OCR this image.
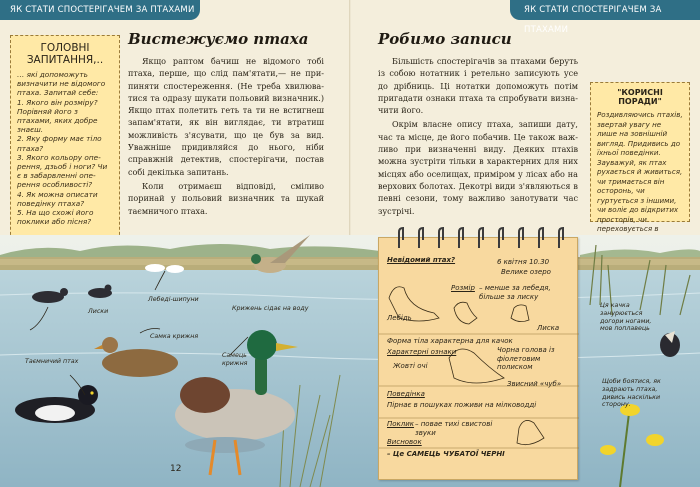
ЯК СТАТИ СПОСТЕРІГАЧЕМ ЗА ПТАХАМИ	ЯК СТАТИ СПОСТЕРІГАЧЕМ ЗА ПТАХАМИ
ГОЛОВНІ ЗАПИТАННЯ,..
… які допоможуть визначити не відомого птаха. Запитай себе:
1. Якого він розміру? Порівняй його з птахами, яких добре знаєш.
2. Яку форму має тіло птаха?
3. Якого кольору оперення, дзьоб і ноги? Чи є в забарвленні оперення особливості?
4. Як можна описати поведінку птаха?
5. На що схожі його поклики або пісня?
Вистежуємо птаха

Якщо раптом бачиш не відомого тобі птаха, перше, що слід пам'ятати,— не припиняти спостереження. (Не треба хвилюватися та одразу шукати польовий визначник.) Якщо птах полетить геть та ти не встигнеш запам'ятати, як він виглядає, ти втратиш можливість з'ясувати, що це був за вид. Уважніше придивляйся до нього, ніби справжній детектив, спостерігачи, постав собі декілька запитань.

Коли отримаєш відповіді, сміливо поринай у польовий визначник та шукай таємничого птаха.

Робимо записи

Більшість спостерігачів за птахами беруть із собою нотатник і ретельно записують усе до дрібниць. Ці нотатки допоможуть потім пригадати ознаки птаха та спробувати визначити його.

Окрім власне опису птаха, запиши дату, час та місце, де його побачив. Це також важливо при визначенні виду. Деяких птахів можна зустріти тільки в характерних для них місцях або оселищах, приміром у лісах або на верхових болотах. Декотрі види з'являються в певні сезони, тому важливо занотувати час зустрічі.

"КОРИСНІ ПОРАДИ"
Роздивляючись птахів, звертай увагу не лише на зовнішній вигляд. Придивись до їхньої поведінки. Зауважуй, як птах рухається й живиться, чи тримається він осторонь, чи гуртується з іншими, чи воліє до відкритих просторів, чи переховується в
Лиски
Лебеді-шипуни
Крижень сідає на воду
Самка крижня
Таємничий птах
Самець крижня
12
Невідомий птах?	6 квітня 10.30
Велике озеро
Розмір – менше за лебедя, більше за лиску
Лебідь
Лиска
Форма тіла характерна для качок
Характерні ознаки	Чорна голова із фіолетовим полиском
Жовті очі
Звисний «чуб»
Поведінка
Пірнає в пошуках поживи на мілководді
Поклик – повае тихі свистові звуки
Висновок
– Це САМЕЦЬ ЧУБАТОЇ ЧЕРНІ
Ця качка занурюється догори ногами, мов поплавець
Щоби боятися, як задрають птаха, дивись наскільки сторону.
